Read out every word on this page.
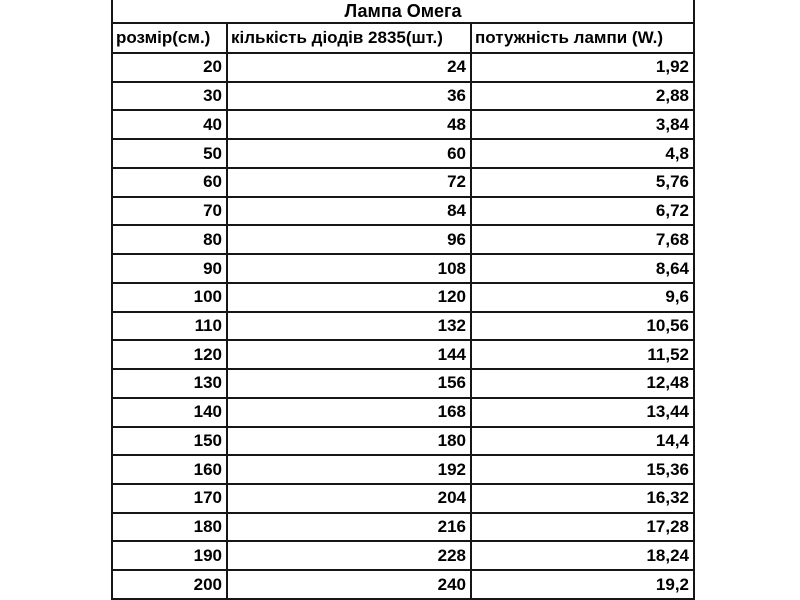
Лампа Омега		
розмір(см.)	кількість діодів 2835(шт.)	потужність лампи (W.)
20	24	1,92
30	36	2,88
40	48	3,84
50	60	4,8
60	72	5,76
70	84	6,72
80	96	7,68
90	108	8,64
100	120	9,6
110	132	10,56
120	144	11,52
130	156	12,48
140	168	13,44
150	180	14,4
160	192	15,36
170	204	16,32
180	216	17,28
190	228	18,24
200	240	19,2
